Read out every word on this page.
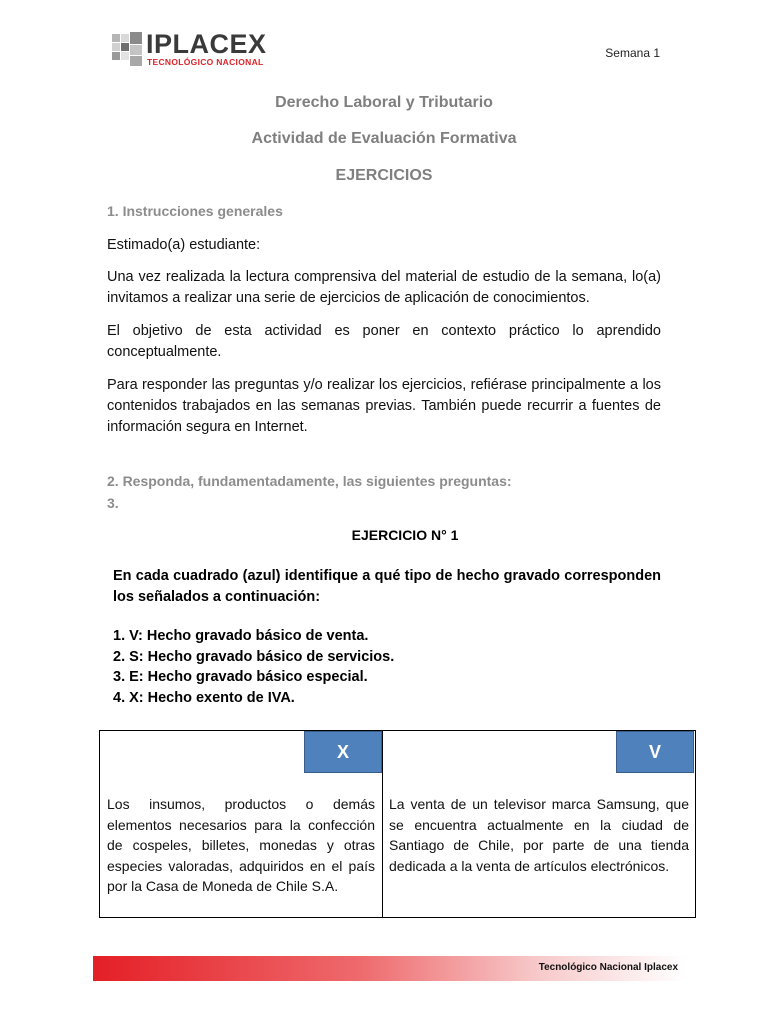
IPLACEX
TECNOLÓGICO NACIONAL
Semana 1
Derecho Laboral y Tributario
Actividad de Evaluación Formativa
EJERCICIOS
1. Instrucciones generales
Estimado(a) estudiante:
Una vez realizada la lectura comprensiva del material de estudio de la semana, lo(a) invitamos a realizar una serie de ejercicios de aplicación de conocimientos.
El objetivo de esta actividad es poner en contexto práctico lo aprendido conceptualmente.
Para responder las preguntas y/o realizar los ejercicios, refiérase principalmente a los contenidos trabajados en las semanas previas. También puede recurrir a fuentes de información segura en Internet.
2. Responda, fundamentadamente, las siguientes preguntas:
3.
EJERCICIO N° 1
En cada cuadrado (azul) identifique a qué tipo de hecho gravado corresponden los señalados a continuación:
1. V: Hecho gravado básico de venta.
2. S: Hecho gravado básico de servicios.
3. E: Hecho gravado básico especial.
4. X: Hecho exento de IVA.
X
Los insumos, productos o demás elementos necesarios para la confección de cospeles, billetes, monedas y otras especies valoradas, adquiridos en el país por la Casa de Moneda de Chile S.A.
V
La venta de un televisor marca Samsung, que se encuentra actualmente en la ciudad de Santiago de Chile, por parte de una tienda dedicada a la venta de artículos electrónicos.
Tecnológico Nacional Iplacex
